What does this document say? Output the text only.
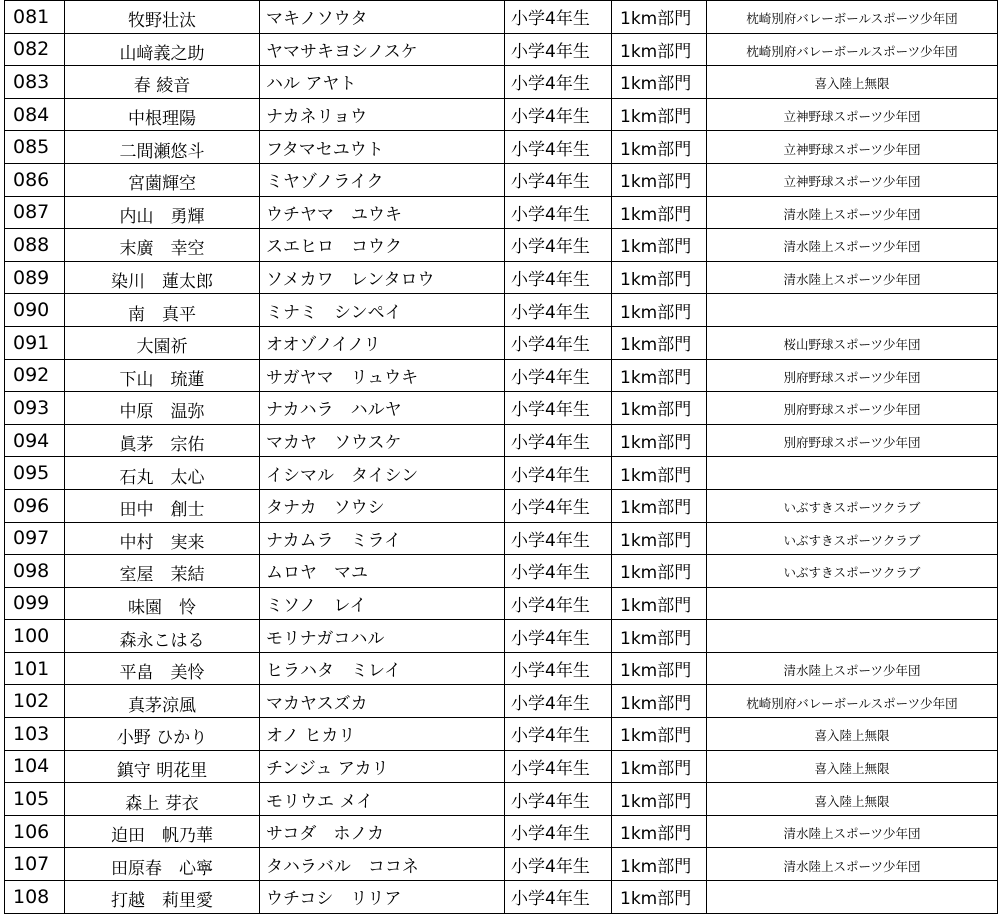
081	牧野壮汰	マキノソウタ	小学4年生	1km部門	枕崎別府バレーボールスポーツ少年団
082	山﨑義之助	ヤマサキヨシノスケ	小学4年生	1km部門	枕崎別府バレーボールスポーツ少年団
083	春 綾音	ハル アヤト	小学4年生	1km部門	喜入陸上無限
084	中根理陽	ナカネリョウ	小学4年生	1km部門	立神野球スポーツ少年団
085	二間瀬悠斗	フタマセユウト	小学4年生	1km部門	立神野球スポーツ少年団
086	宮薗輝空	ミヤゾノライク	小学4年生	1km部門	立神野球スポーツ少年団
087	内山　勇輝	ウチヤマ　ユウキ	小学4年生	1km部門	清水陸上スポーツ少年団
088	末廣　幸空	スエヒロ　コウク	小学4年生	1km部門	清水陸上スポーツ少年団
089	染川　蓮太郎	ソメカワ　レンタロウ	小学4年生	1km部門	清水陸上スポーツ少年団
090	南　真平	ミナミ　シンペイ	小学4年生	1km部門	
091	大園祈	オオゾノイノリ	小学4年生	1km部門	桜山野球スポーツ少年団
092	下山　琉蓮	サガヤマ　リュウキ	小学4年生	1km部門	別府野球スポーツ少年団
093	中原　温弥	ナカハラ　ハルヤ	小学4年生	1km部門	別府野球スポーツ少年団
094	眞茅　宗佑	マカヤ　ソウスケ	小学4年生	1km部門	別府野球スポーツ少年団
095	石丸　太心	イシマル　タイシン	小学4年生	1km部門	
096	田中　創士	タナカ　ソウシ	小学4年生	1km部門	いぶすきスポーツクラブ
097	中村　実来	ナカムラ　ミライ	小学4年生	1km部門	いぶすきスポーツクラブ
098	室屋　茉結	ムロヤ　マユ	小学4年生	1km部門	いぶすきスポーツクラブ
099	味園　怜	ミソノ　レイ	小学4年生	1km部門	
100	森永こはる	モリナガコハル	小学4年生	1km部門	
101	平畠　美怜	ヒラハタ　ミレイ	小学4年生	1km部門	清水陸上スポーツ少年団
102	真茅涼風	マカヤスズカ	小学4年生	1km部門	枕崎別府バレーボールスポーツ少年団
103	小野 ひかり	オノ ヒカリ	小学4年生	1km部門	喜入陸上無限
104	鎮守 明花里	チンジュ アカリ	小学4年生	1km部門	喜入陸上無限
105	森上 芽衣	モリウエ メイ	小学4年生	1km部門	喜入陸上無限
106	迫田　帆乃華	サコダ　ホノカ	小学4年生	1km部門	清水陸上スポーツ少年団
107	田原春　心寧	タハラバル　ココネ	小学4年生	1km部門	清水陸上スポーツ少年団
108	打越　莉里愛	ウチコシ　リリア	小学4年生	1km部門	
